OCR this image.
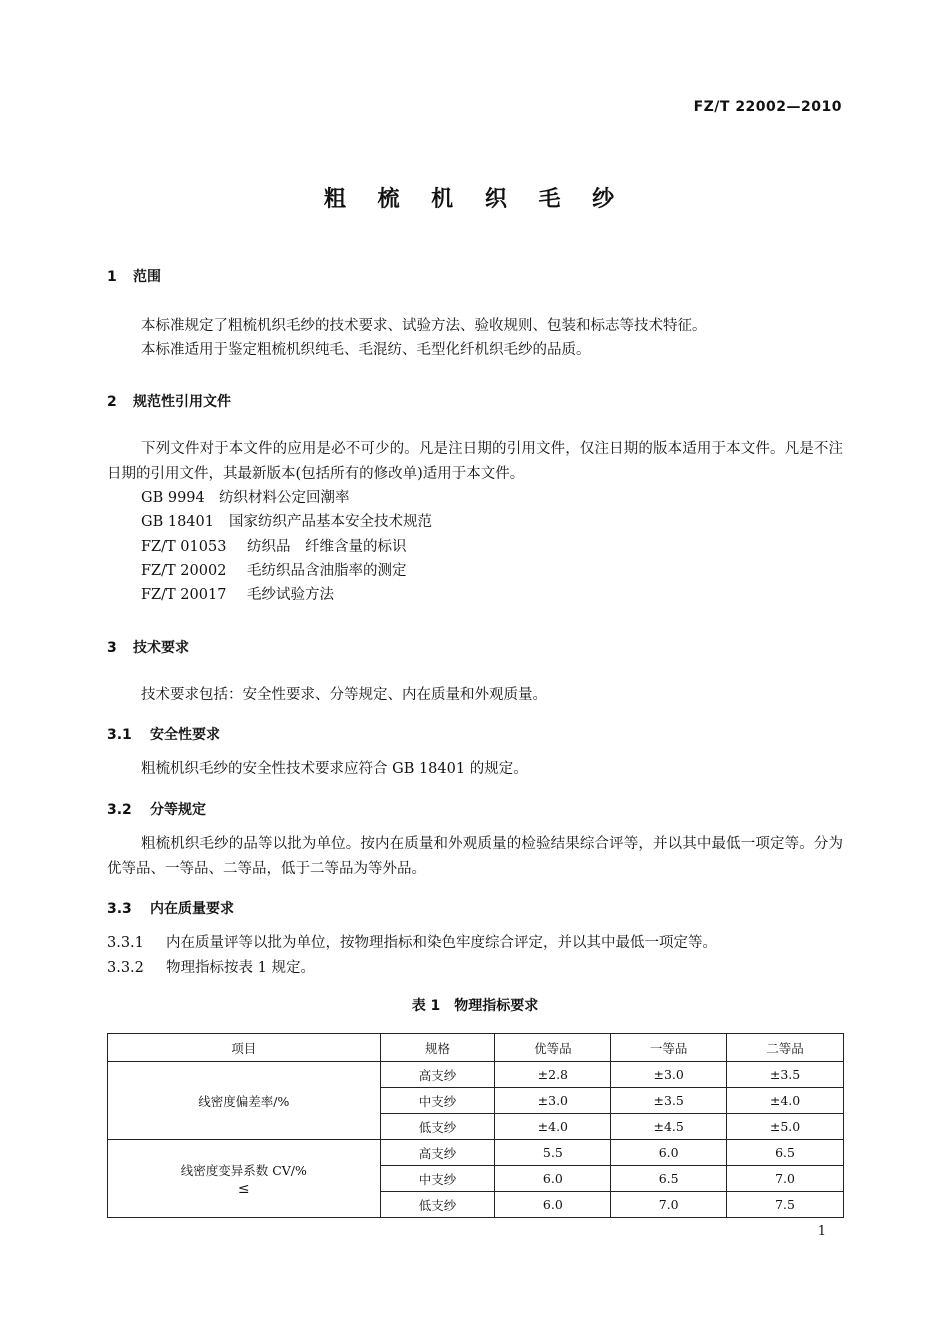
FZ/T 22002—2010
粗 梳 机 织 毛 纱
1 范围
本标准规定了粗梳机织毛纱的技术要求、试验方法、验收规则、包装和标志等技术特征。
本标准适用于鉴定粗梳机织纯毛、毛混纺、毛型化纤机织毛纱的品质。
2 规范性引用文件
下列文件对于本文件的应用是必不可少的。凡是注日期的引用文件，仅注日期的版本适用于本文件。凡是不注日期的引用文件，其最新版本(包括所有的修改单)适用于本文件。
GB 9994 纺织材料公定回潮率
GB 18401 国家纺织产品基本安全技术规范
FZ/T 01053 纺织品　纤维含量的标识
FZ/T 20002 毛纺织品含油脂率的测定
FZ/T 20017 毛纱试验方法
3 技术要求
技术要求包括：安全性要求、分等规定、内在质量和外观质量。
3.1 安全性要求
粗梳机织毛纱的安全性技术要求应符合 GB 18401 的规定。
3.2 分等规定
粗梳机织毛纱的品等以批为单位。按内在质量和外观质量的检验结果综合评等，并以其中最低一项定等。分为优等品、一等品、二等品，低于二等品为等外品。
3.3 内在质量要求
3.3.1 内在质量评等以批为单位，按物理指标和染色牢度综合评定，并以其中最低一项定等。
3.3.2 物理指标按表 1 规定。
表 1　物理指标要求
项目	规格	优等品	一等品	二等品
线密度偏差率/%	高支纱	±2.8	±3.0	±3.5
	中支纱	±3.0	±3.5	±4.0
	低支纱	±4.0	±4.5	±5.0

线密度变异系数 CV/%
≤	高支纱	5.5	6.0	6.5
	中支纱	6.0	6.5	7.0
	低支纱	6.0	7.0	7.5
1
